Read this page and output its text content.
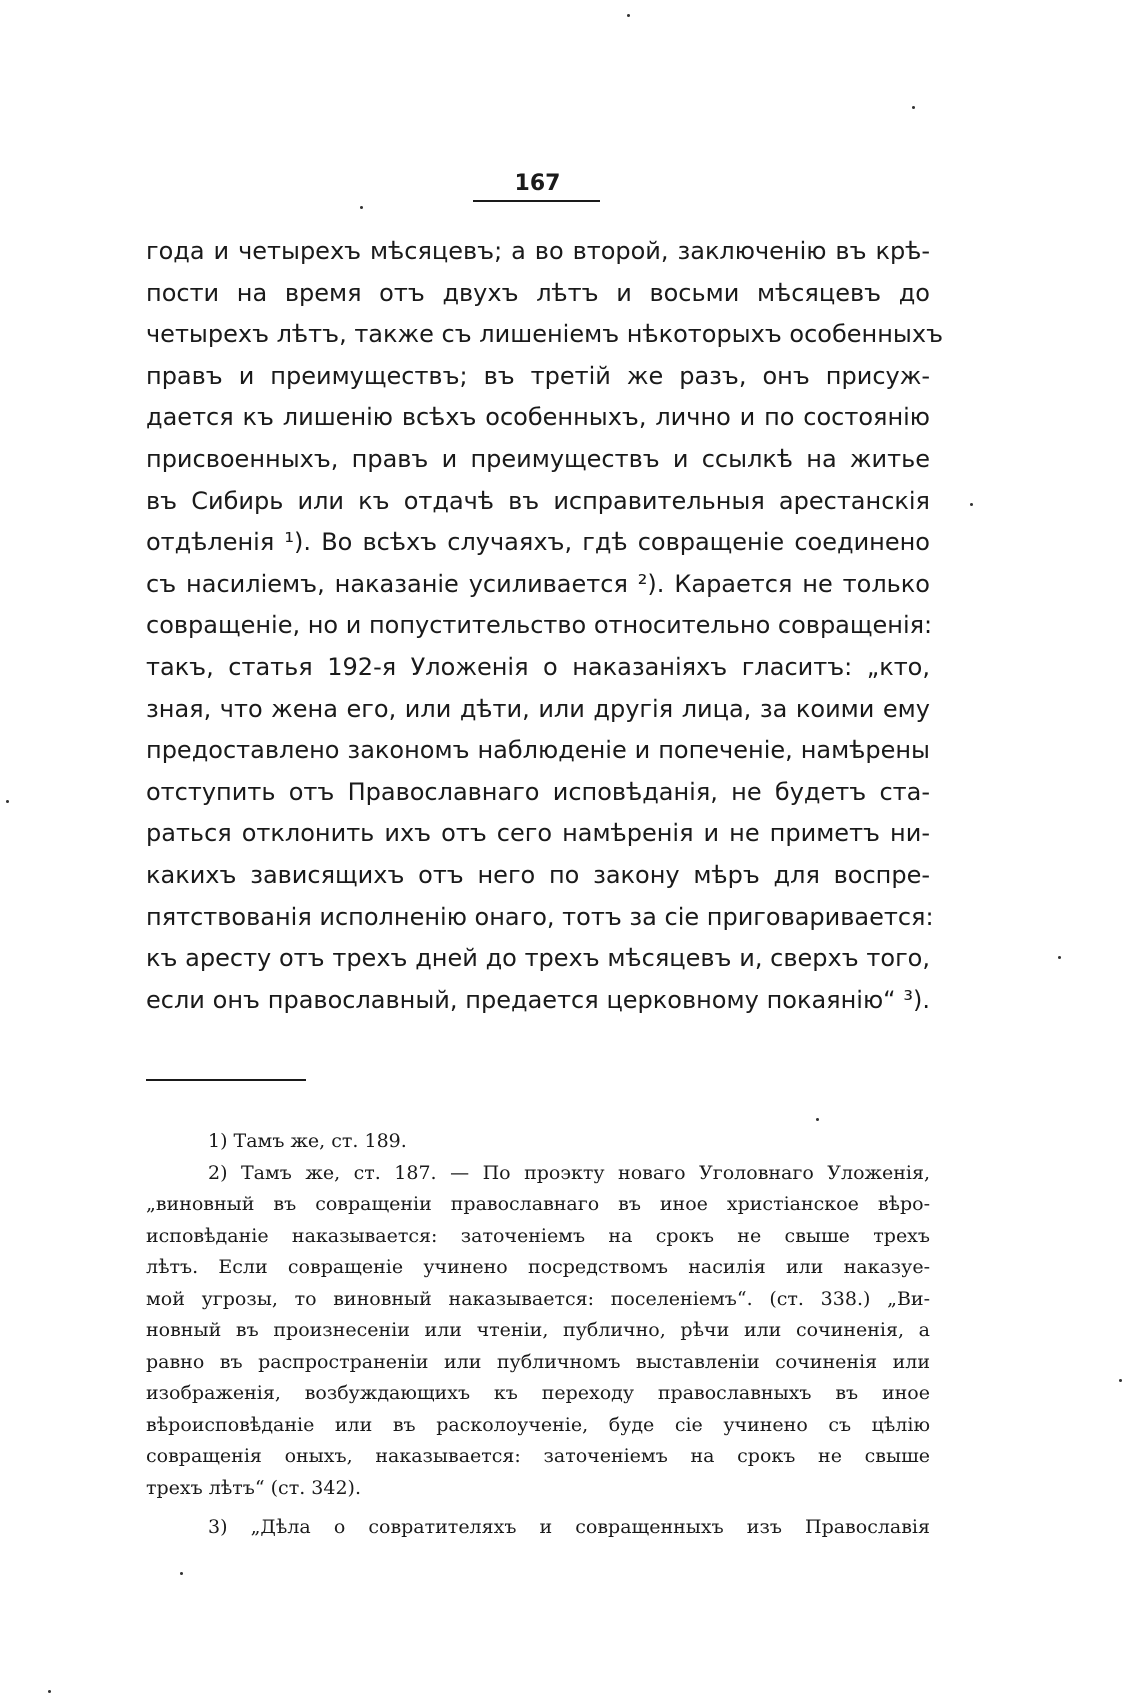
167
года и четырехъ мѣсяцевъ; а во второй, заключенію въ крѣ-
пости на время отъ двухъ лѣтъ и восьми мѣсяцевъ до
четырехъ лѣтъ, также съ лишеніемъ нѣкоторыхъ особенныхъ
правъ и преимуществъ; въ третій же разъ, онъ присуж-
дается къ лишенію всѣхъ особенныхъ, лично и по состоянію
присвоенныхъ, правъ и преимуществъ и ссылкѣ на житье
въ Сибирь или къ отдачѣ въ исправительныя арестанскія
отдѣленія ¹). Во всѣхъ случаяхъ, гдѣ совращеніе соединено
съ насиліемъ, наказаніе усиливается ²). Карается не только
совращеніе, но и попустительство относительно совращенія:
такъ, статья 192-я Уложенія о наказаніяхъ гласитъ: „кто,
зная, что жена его, или дѣти, или другія лица, за коими ему
предоставлено закономъ наблюденіе и попеченіе, намѣрены
отступить отъ Православнаго исповѣданія, не будетъ ста-
раться отклонить ихъ отъ сего намѣренія и не приметъ ни-
какихъ зависящихъ отъ него по закону мѣръ для воспре-
пятствованія исполненію онаго, тотъ за сіе приговаривается:
къ аресту отъ трехъ дней до трехъ мѣсяцевъ и, сверхъ того,
если онъ православный, предается церковному покаянію“ ³).
1) Тамъ же, ст. 189.
2) Тамъ же, ст. 187. — По проэкту новаго Уголовнаго Уложенія,
„виновный въ совращеніи православнаго въ иное христіанское вѣро-
исповѣданіе наказывается: заточеніемъ на срокъ не свыше трехъ
лѣтъ. Если совращеніе учинено посредствомъ насилія или наказуе-
мой угрозы, то виновный наказывается: поселеніемъ“. (ст. 338.) „Ви-
новный въ произнесеніи или чтеніи, публично, рѣчи или сочиненія, а
равно въ распространеніи или публичномъ выставленіи сочиненія или
изображенія, возбуждающихъ къ переходу православныхъ въ иное
вѣроисповѣданіе или въ расколоученіе, буде сіе учинено съ цѣлію
совращенія оныхъ, наказывается: заточеніемъ на срокъ не свыше
трехъ лѣтъ“ (ст. 342).
3) „Дѣла о совратителяхъ и совращенныхъ изъ Православія
